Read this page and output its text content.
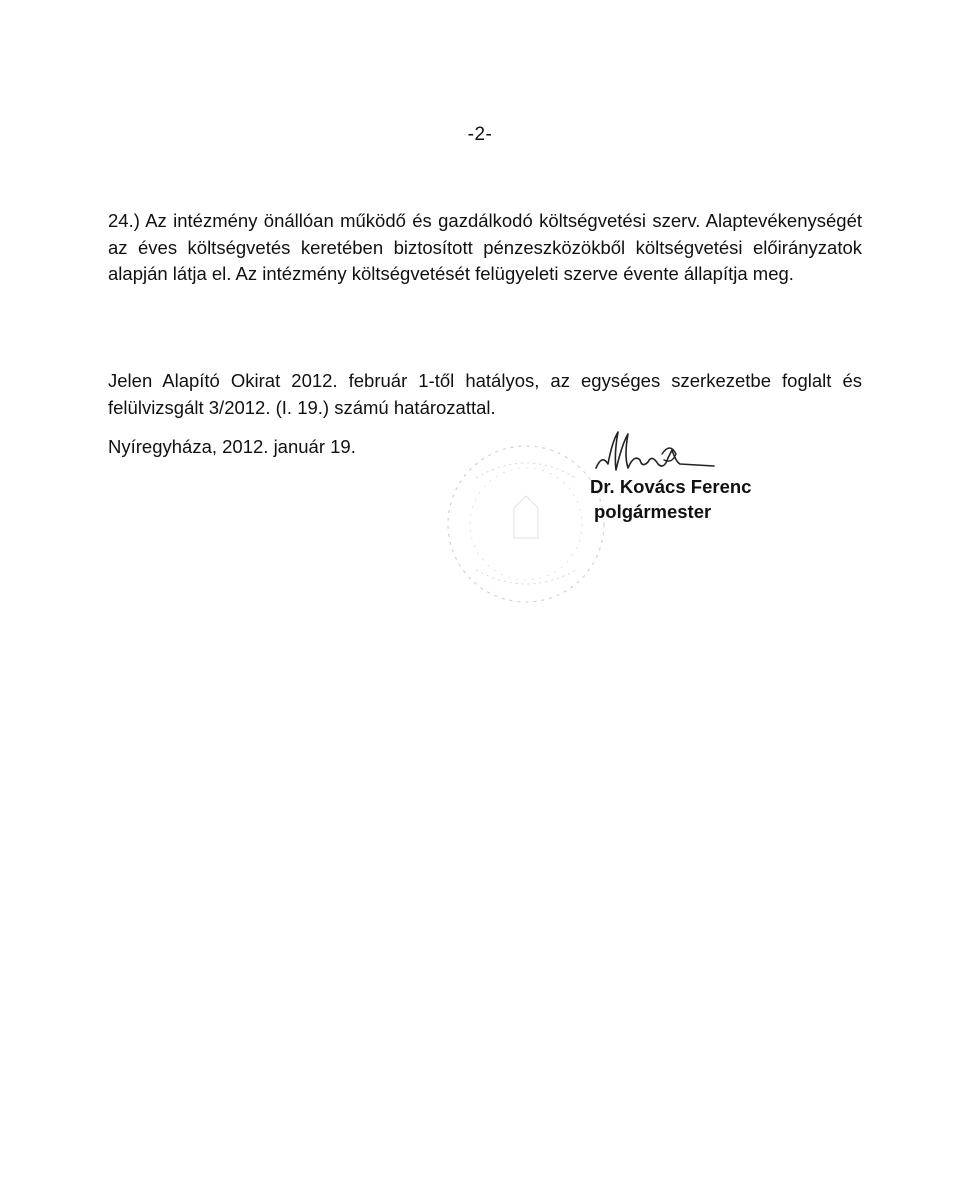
-2-

24.) Az intézmény önállóan működő és gazdálkodó költségvetési szerv. Alaptevékenységét az éves költségvetés keretében biztosított pénzeszközökből költségvetési előirányzatok alapján látja el. Az intézmény költségvetését felügyeleti szerve évente állapítja meg.

Jelen Alapító Okirat 2012. február 1-től hatályos, az egységes szerkezetbe foglalt és felülvizsgált 3/2012. (I. 19.) számú határozattal.

Nyíregyháza, 2012. január 19.
Dr. Kovács Ferenc
polgármester
